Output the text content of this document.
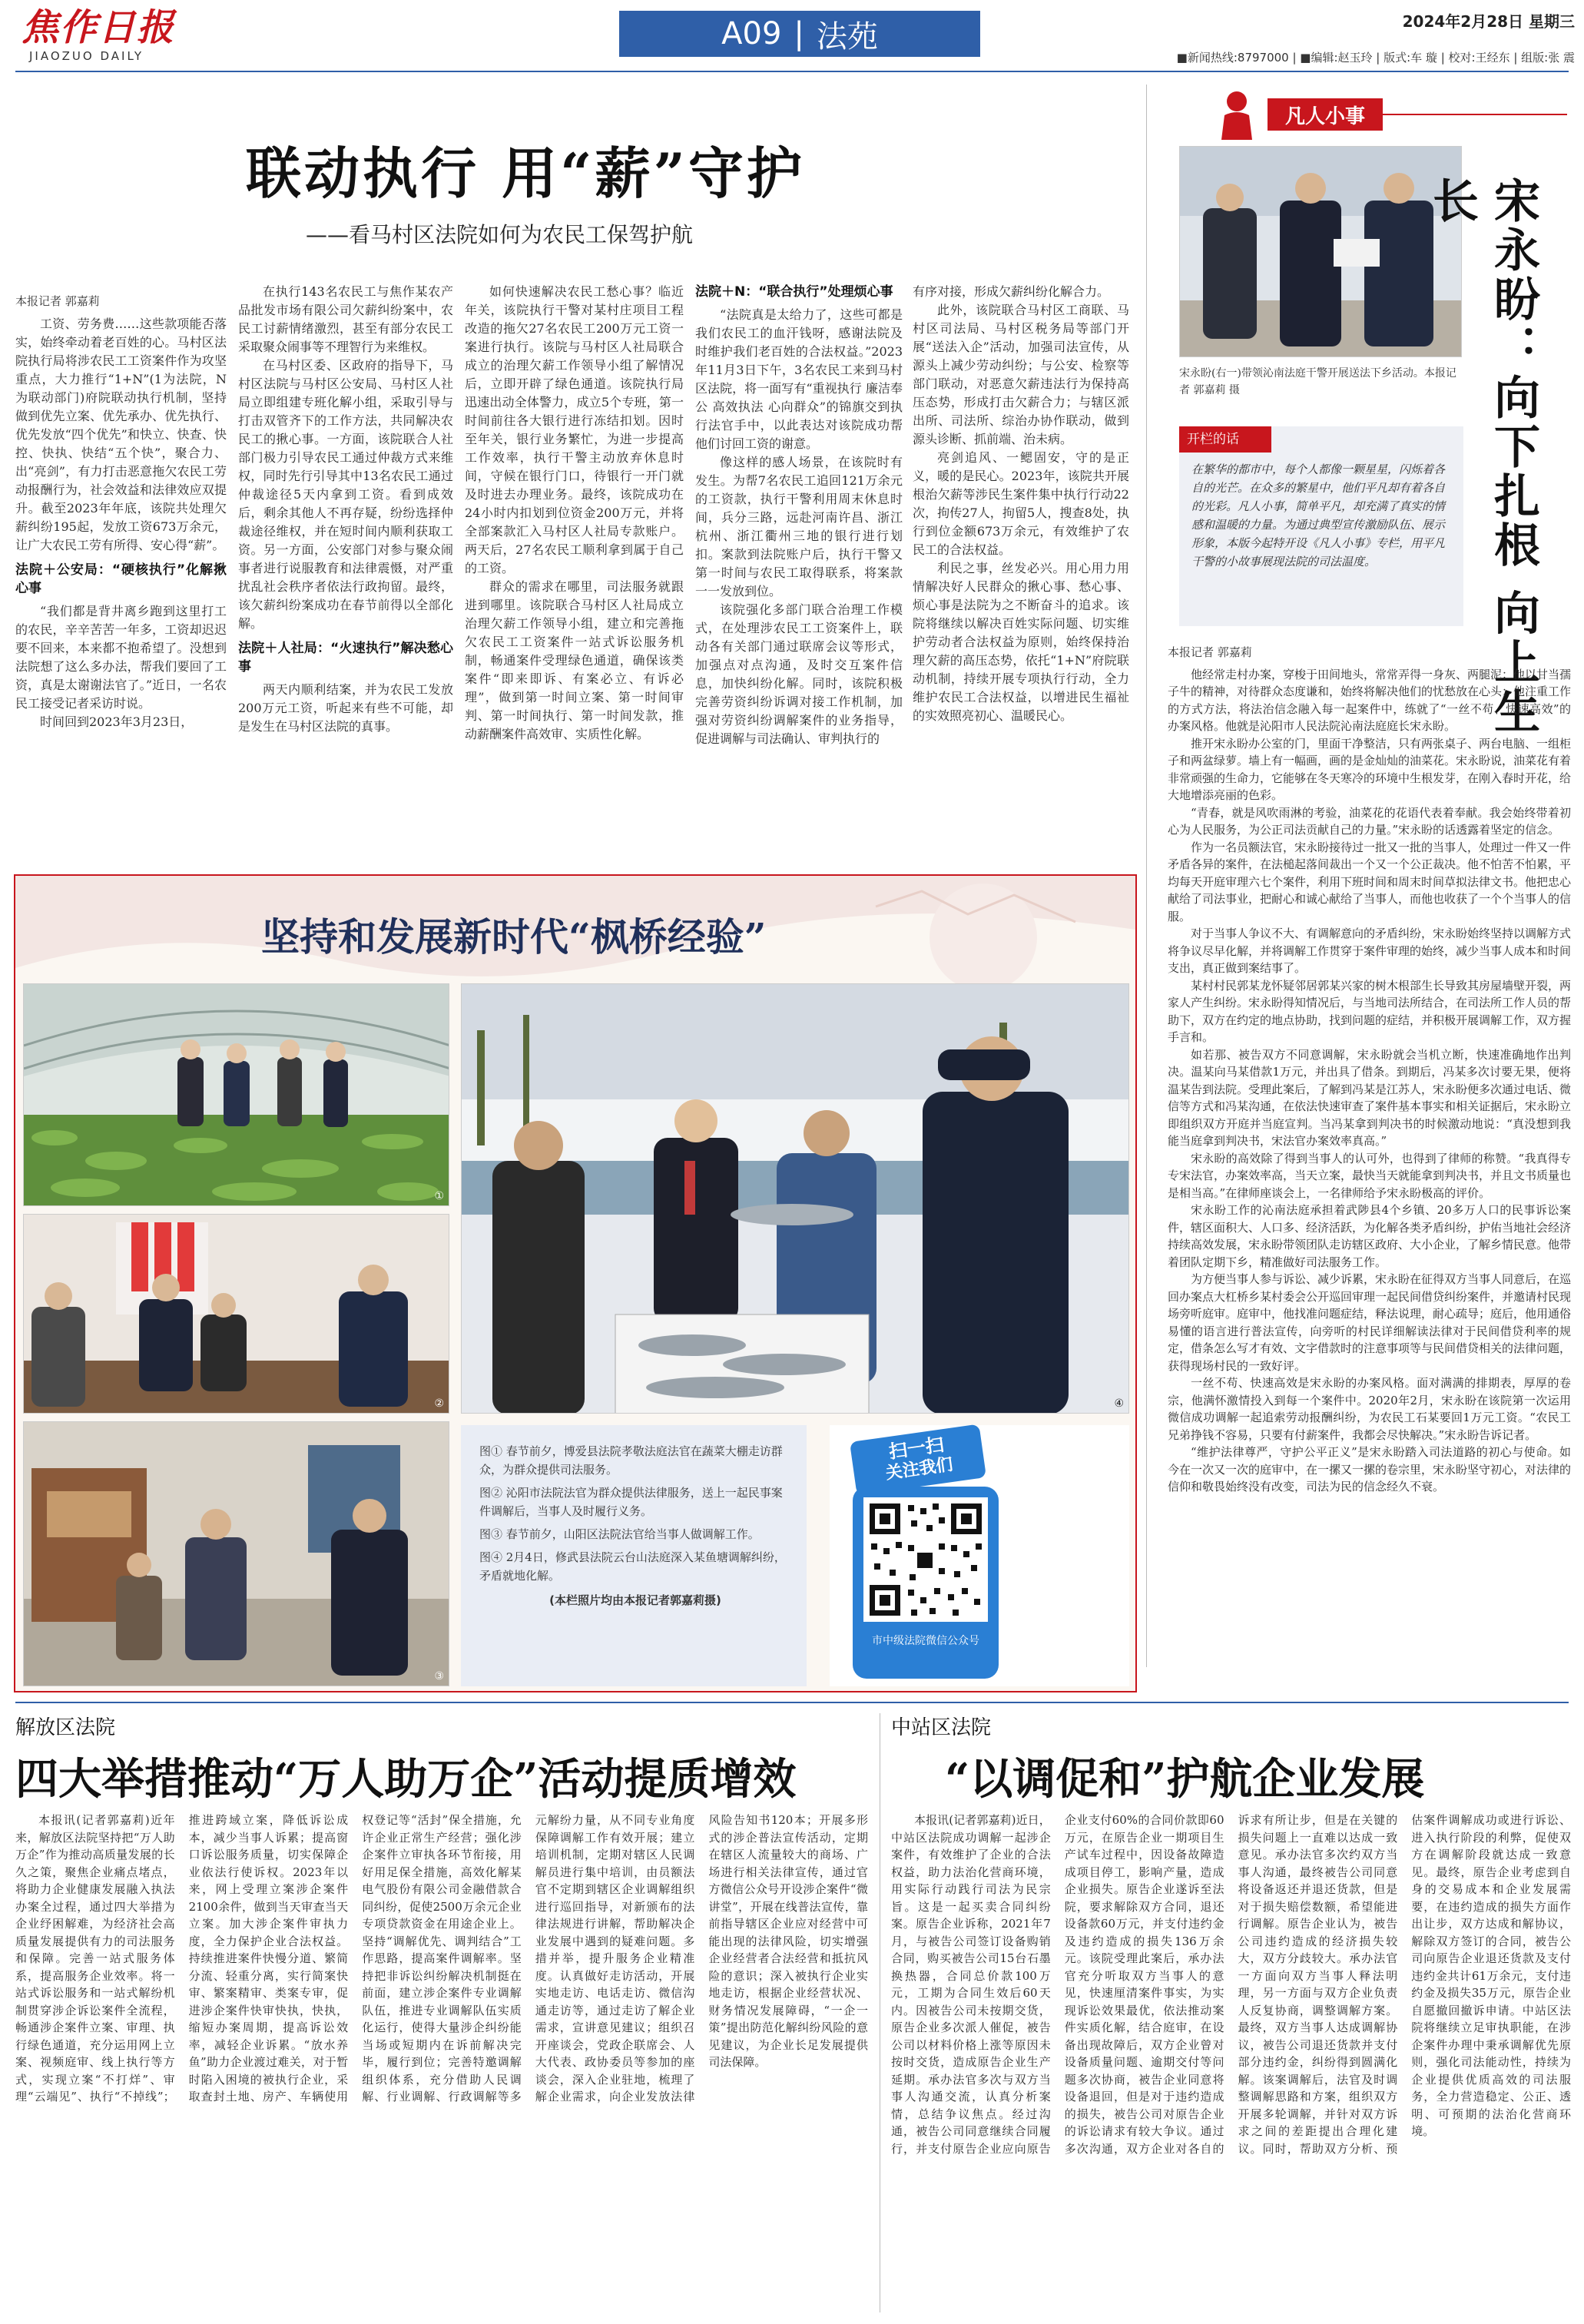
焦作日报
JIAOZUO DAILY
A09 | 法苑	2024年2月28日 星期三
■新闻热线:8797000 | ■编辑:赵玉玲 | 版式:车 璇 | 校对:王经东 | 组版:张 震
联动执行 用“薪”守护
——看马村区法院如何为农民工保驾护航
本报记者 郭嘉莉

工资、劳务费……这些款项能否落实，始终牵动着老百姓的心。马村区法院执行局将涉农民工工资案件作为攻坚重点，大力推行“1+N”(1为法院，N为联动部门)府院联动执行机制，坚持做到优先立案、优先承办、优先执行、优先发放“四个优先”和快立、快查、快控、快执、快结“五个快”，聚合力、出“亮剑”，有力打击恶意拖欠农民工劳动报酬行为，社会效益和法律效应双提升。截至2023年年底，该院共处理欠薪纠纷195起，发放工资673万余元，让广大农民工劳有所得、安心得“薪”。

法院＋公安局：“硬核执行”化解揪心事

“我们都是背井离乡跑到这里打工的农民，辛辛苦苦一年多，工资却迟迟要不回来，本来都不抱希望了。没想到法院想了这么多办法，帮我们要回了工资，真是太谢谢法官了。”近日，一名农民工接受记者采访时说。

时间回到2023年3月23日，

在执行143名农民工与焦作某农产品批发市场有限公司欠薪纠纷案中，农民工讨薪情绪激烈，甚至有部分农民工采取聚众闹事等不理智行为来维权。

在马村区委、区政府的指导下，马村区法院与马村区公安局、马村区人社局立即组建专班化解小组，采取引导与打击双管齐下的工作方法，共同解决农民工的揪心事。一方面，该院联合人社部门极力引导农民工通过仲裁方式来维权，同时先行引导其中13名农民工通过仲裁途径5天内拿到工资。看到成效后，剩余其他人不再存疑，纷纷选择仲裁途径维权，并在短时间内顺利获取工资。另一方面，公安部门对参与聚众闹事者进行说服教育和法律震慑，对严重扰乱社会秩序者依法行政拘留。最终，该欠薪纠纷案成功在春节前得以全部化解。

法院＋人社局：“火速执行”解决愁心事

两天内顺利结案，并为农民工发放200万元工资，听起来有些不可能，却是发生在马村区法院的真事。

如何快速解决农民工愁心事？临近年关，该院执行干警对某村庄项目工程改造的拖欠27名农民工200万元工资一案进行执行。该院与马村区人社局联合成立的治理欠薪工作领导小组了解情况后，立即开辟了绿色通道。该院执行局迅速出动全体警力，成立5个专班，第一时间前往各大银行进行冻结扣划。因时至年关，银行业务繁忙，为进一步提高工作效率，执行干警主动放弃休息时间，守候在银行门口，待银行一开门就及时进去办理业务。最终，该院成功在24小时内扣划到位资金200万元，并将全部案款汇入马村区人社局专款账户。两天后，27名农民工顺利拿到属于自己的工资。

群众的需求在哪里，司法服务就跟进到哪里。该院联合马村区人社局成立治理欠薪工作领导小组，建立和完善拖欠农民工工资案件一站式诉讼服务机制，畅通案件受理绿色通道，确保该类案件“即来即诉、有案必立、有诉必理”，做到第一时间立案、第一时间审判、第一时间执行、第一时间发款，推动薪酬案件高效审、实质性化解。

法院＋N：“联合执行”处理烦心事

“法院真是太给力了，这些可都是我们农民工的血汗钱呀，感谢法院及时维护我们老百姓的合法权益。”2023年11月3日下午，3名农民工来到马村区法院，将一面写有“重视执行 廉洁奉公 高效执法 心向群众”的锦旗交到执行法官手中，以此表达对该院成功帮他们讨回工资的谢意。

像这样的感人场景，在该院时有发生。为帮7名农民工追回121万余元的工资款，执行干警利用周末休息时间，兵分三路，远赴河南许昌、浙江杭州、浙江衢州三地的银行进行划扣。案款到法院账户后，执行干警又第一时间与农民工取得联系，将案款一一发放到位。

该院强化多部门联合治理工作模式，在处理涉农民工工资案件上，联动各有关部门通过联席会议等形式，加强点对点沟通，及时交互案件信息，加快纠纷化解。同时，该院积极完善劳资纠纷诉调对接工作机制，加强对劳资纠纷调解案件的业务指导，促进调解与司法确认、审判执行的

有序对接，形成欠薪纠纷化解合力。

此外，该院联合马村区工商联、马村区司法局、马村区税务局等部门开展“送法入企”活动，加强司法宣传，从源头上减少劳动纠纷；与公安、检察等部门联动，对恶意欠薪违法行为保持高压态势，形成打击欠薪合力；与辖区派出所、司法所、综治办协作联动，做到源头诊断、抓前端、治未病。

亮剑追风、一鳃固安，守的是正义，暖的是民心。2023年，该院共开展根治欠薪等涉民生案件集中执行行动22次，拘传27人，拘留5人，搜查8处，执行到位金额673万余元，有效维护了农民工的合法权益。

利民之事，丝发必兴。用心用力用情解决好人民群众的揪心事、愁心事、烦心事是法院为之不断奋斗的追求。该院将继续以解决百姓实际问题、切实维护劳动者合法权益为原则，始终保持治理欠薪的高压态势，依托“1+N”府院联动机制，持续开展专项执行行动，全力维护农民工合法权益，以增进民生福祉的实效照亮初心、温暖民心。

坚持和发展新时代“枫桥经验”
①
②
③
④

图① 春节前夕，博爱县法院孝敬法庭法官在蔬菜大棚走访群众，为群众提供司法服务。

图② 沁阳市法院法官为群众提供法律服务，送上一起民事案件调解后，当事人及时履行义务。

图③ 春节前夕，山阳区法院法官给当事人做调解工作。

图④ 2月4日，修武县法院云台山法庭深入某鱼塘调解纠纷，矛盾就地化解。

(本栏照片均由本报记者郭嘉莉摄)

扫一扫
关注我们
市中级法院微信公众号
凡人小事
宋永盼(右一)带领沁南法庭干警开展送法下乡活动。本报记者 郭嘉莉 摄	宋永盼：向下扎根 向上生长
开栏的话
在繁华的都市中，每个人都像一颗星星，闪烁着各自的光芒。在众多的繁星中，他们平凡却有着各自的光彩。凡人小事，简单平凡，却充满了真实的情感和温暖的力量。为通过典型宣传激励队伍、展示形象，本版今起特开设《凡人小事》专栏，用平凡干警的小故事展现法院的司法温度。
本报记者 郭嘉莉

他经常走村办案，穿梭于田间地头，常常弄得一身灰、两腿泥；他以甘当孺子牛的精神，对待群众态度谦和，始终将解决他们的忧愁放在心头；他注重工作的方式方法，将法治信念融入每一起案件中，练就了“一丝不苟、快速高效”的办案风格。他就是沁阳市人民法院沁南法庭庭长宋永盼。

推开宋永盼办公室的门，里面干净整洁，只有两张桌子、两台电脑、一组柜子和两盆绿萝。墙上有一幅画，画的是金灿灿的油菜花。宋永盼说，油菜花有着非常顽强的生命力，它能够在冬天寒冷的环境中生根发芽，在刚入春时开花，给大地增添亮丽的色彩。

“青春，就是风吹雨淋的考验，油菜花的花语代表着奉献。我会始终带着初心为人民服务，为公正司法贡献自己的力量。”宋永盼的话透露着坚定的信念。

作为一名员额法官，宋永盼接待过一批又一批的当事人，处理过一件又一件矛盾各异的案件，在法槌起落间裁出一个又一个公正裁决。他不怕苦不怕累，平均每天开庭审理六七个案件，利用下班时间和周末时间草拟法律文书。他把忠心献给了司法事业，把耐心和诚心献给了当事人，而他也收获了一个个当事人的信服。

对于当事人争议不大、有调解意向的矛盾纠纷，宋永盼始终坚持以调解方式将争议尽早化解，并将调解工作贯穿于案件审理的始终，减少当事人成本和时间支出，真正做到案结事了。

某村村民郭某龙怀疑邻居郭某兴家的树木根部生长导致其房屋墙壁开裂，两家人产生纠纷。宋永盼得知情况后，与当地司法所结合，在司法所工作人员的帮助下，双方在约定的地点协助，找到问题的症结，并积极开展调解工作，双方握手言和。

如若那、被告双方不同意调解，宋永盼就会当机立断，快速准确地作出判决。温某向马某借款1万元，并出具了借条。到期后，冯某多次讨要无果，便将温某告到法院。受理此案后，了解到冯某是江苏人，宋永盼便多次通过电话、微信等方式和冯某沟通，在依法快速审查了案件基本事实和相关证据后，宋永盼立即组织双方开庭并当庭宣判。当冯某拿到判决书的时候激动地说：“真没想到我能当庭拿到判决书，宋法官办案效率真高。”

宋永盼的高效除了得到当事人的认可外，也得到了律师的称赞。“我真得专专宋法官，办案效率高，当天立案，最快当天就能拿到判决书，并且文书质量也是相当高。”在律师座谈会上，一名律师给予宋永盼极高的评价。

宋永盼工作的沁南法庭承担着武陟县4个乡镇、20多万人口的民事诉讼案件，辖区面积大、人口多、经济活跃，为化解各类矛盾纠纷，护佑当地社会经济持续高效发展，宋永盼带领团队走访辖区政府、大小企业，了解乡情民意。他带着团队定期下乡，精准做好司法服务工作。

为方便当事人参与诉讼、减少诉累，宋永盼在征得双方当事人同意后，在巡回办案点大杠桥乡某村委会公开巡回审理一起民间借贷纠纷案件，并邀请村民现场旁听庭审。庭审中，他找准问题症结，释法说理，耐心疏导；庭后，他用通俗易懂的语言进行普法宣传，向旁听的村民详细解读法律对于民间借贷利率的规定，借条怎么写才有效、文字借款时的注意事项等与民间借贷相关的法律问题，获得现场村民的一致好评。

一丝不苟、快速高效是宋永盼的办案风格。面对满满的排期表，厚厚的卷宗，他满怀激情投入到每一个案件中。2020年2月，宋永盼在该院第一次运用微信成功调解一起追索劳动报酬纠纷，为农民工石某要回1万元工资。“农民工兄弟挣钱不容易，只要有付薪案件，我都会尽快解决。”宋永盼告诉记者。

“维护法律尊严，守护公平正义”是宋永盼踏入司法道路的初心与使命。如今在一次又一次的庭审中，在一摞又一摞的卷宗里，宋永盼坚守初心，对法律的信仰和敬畏始终没有改变，司法为民的信念经久不衰。

解放区法院
四大举措推动“万人助万企”活动提质增效

本报讯(记者郭嘉莉)近年来，解放区法院坚持把“万人助万企”作为推动高质量发展的长久之策，聚焦企业痛点堵点，将助力企业健康发展融入执法办案全过程，通过四大举措为企业纾困解难，为经济社会高质量发展提供有力的司法服务和保障。完善一站式服务体系，提高服务企业效率。将一站式诉讼服务和一站式解纷机制贯穿涉企诉讼案件全流程，畅通涉企案件立案、审理、执行绿色通道，充分运用网上立案、视频庭审、线上执行等方式，实现立案“不打烊”、审理“云端见”、执行“不掉线”；推进跨域立案，降低诉讼成本，减少当事人诉累；提高窗口诉讼服务质量，切实保障企业依法行使诉权。2023年以来，网上受理立案涉企案件2100余件，做到当天审查当天立案。加大涉企案件审执力度，全力保护企业合法权益。持续推进案件快慢分道、繁简分流、轻重分离，实行简案快审、繁案精审、类案专审，促进涉企案件快审快执，快执，缩短办案周期，提高诉讼效率，减轻企业诉累。“放水养鱼”助力企业渡过难关，对于暂时陷入困境的被执行企业，采取查封土地、房产、车辆使用权登记等“活封”保全措施，允许企业正常生产经营；强化涉企案件立审执各环节衔接，用好用足保全措施，高效化解某电气股份有限公司金融借款合同纠纷，促使2500万余元企业专项贷款资金在用途企业上。坚持“调解优先、调判结合”工作思路，提高案件调解率。坚持把非诉讼纠纷解决机制挺在前面，建立涉企案件专业调解队伍，推进专业调解队伍实质化运行，使得大量涉企纠纷能当场或短期内在诉前解决完毕，履行到位；完善特邀调解组织体系，充分借助人民调解、行业调解、行政调解等多元解纷力量，从不同专业角度保障调解工作有效开展；建立培训机制，定期对辖区人民调解员进行集中培训，由员额法官不定期到辖区企业调解组织进行巡回指导，对新颁布的法律法规进行讲解，帮助解决企业发展中遇到的疑难问题。多措并举，提升服务企业精准度。认真做好走访活动，开展实地走访、电话走访、微信沟通走访等，通过走访了解企业需求，宣讲意见建议；组织召开座谈会，党政企联席会、人大代表、政协委员等参加的座谈会，深入企业驻地，梳理了解企业需求，向企业发放法律风险告知书120本；开展多形式的涉企普法宣传活动，定期在辖区人流量较大的商场、广场进行相关法律宣传，通过官方微信公众号开设涉企案件“微讲堂”，开展在线普法宣传，靠前指导辖区企业应对经营中可能出现的法律风险，切实增强企业经营者合法经营和抵抗风险的意识；深入被执行企业实地走访，根据企业经营状况、财务情况发展障碍，“一企一策”提出防范化解纠纷风险的意见建议，为企业长足发展提供司法保障。

中站区法院
“以调促和”护航企业发展

本报讯(记者郭嘉莉)近日，中站区法院成功调解一起涉企案件，有效维护了企业的合法权益，助力法治化营商环境，用实际行动践行司法为民宗旨。这是一起买卖合同纠纷案。原告企业诉称，2021年7月，与被告公司签订设备购销合同，购买被告公司15台石墨换热器，合同总价款100万元，工期为合同生效后60天内。因被告公司未按期交货，原告企业多次派人催促，被告公司以材料价格上涨等原因未按时交货，造成原告企业生产延期。承办法官多次与双方当事人沟通交流，认真分析案情，总结争议焦点。经过沟通，被告公司同意继续合同履行，并支付原告企业应向原告企业支付60%的合同价款即60万元，在原告企业一期项目生产试车过程中，因设备故障造成项目停工，影响产量，造成企业损失。原告企业遂诉至法院，要求解除双方合同，退还设备款60万元，并支付违约金及违约造成的损失136万余元。该院受理此案后，承办法官充分听取双方当事人的意见，快速厘清案件事实，为实现诉讼效果最优，依法推动案件实质化解，结合庭审，在设备出现故障后，双方企业曾对设备质量问题、逾期交付等问题多次协商，被告企业同意将设备退回，但是对于违约造成的损失，被告公司对原告企业的诉讼请求有较大争议。通过多次沟通，双方企业对各自的诉求有所让步，但是在关键的损失问题上一直难以达成一致意见。承办法官多次约双方当事人沟通，最终被告公司同意将设备返还并退还货款，但是对于损失赔偿数额，希望能进行调解。原告企业认为，被告公司违约造成的经济损失较大，双方分歧较大。承办法官一方面向双方当事人释法明理，另一方面与双方企业负责人反复协商，调整调解方案。最终，双方当事人达成调解协议，被告公司退还货款并支付部分违约金，纠纷得到圆满化解。该案调解后，法官及时调整调解思路和方案，组织双方开展多轮调解，并针对双方诉求之间的差距提出合理化建议。同时，帮助双方分析、预估案件调解成功或进行诉讼、进入执行阶段的利弊，促使双方在调解阶段就达成一致意见。最终，原告企业考虑到自身的交易成本和企业发展需要，在违约造成的损失方面作出让步，双方达成和解协议，解除双方签订的合同，被告公司向原告企业退还货款及支付违约金共计61万余元，支付违约金及损失35万元，原告企业自愿撤回撤诉申请。中站区法院将继续立足审执职能，在涉企案件办理中秉承调解优先原则，强化司法能动性，持续为企业提供优质高效的司法服务，全力营造稳定、公正、透明、可预期的法治化营商环境。
